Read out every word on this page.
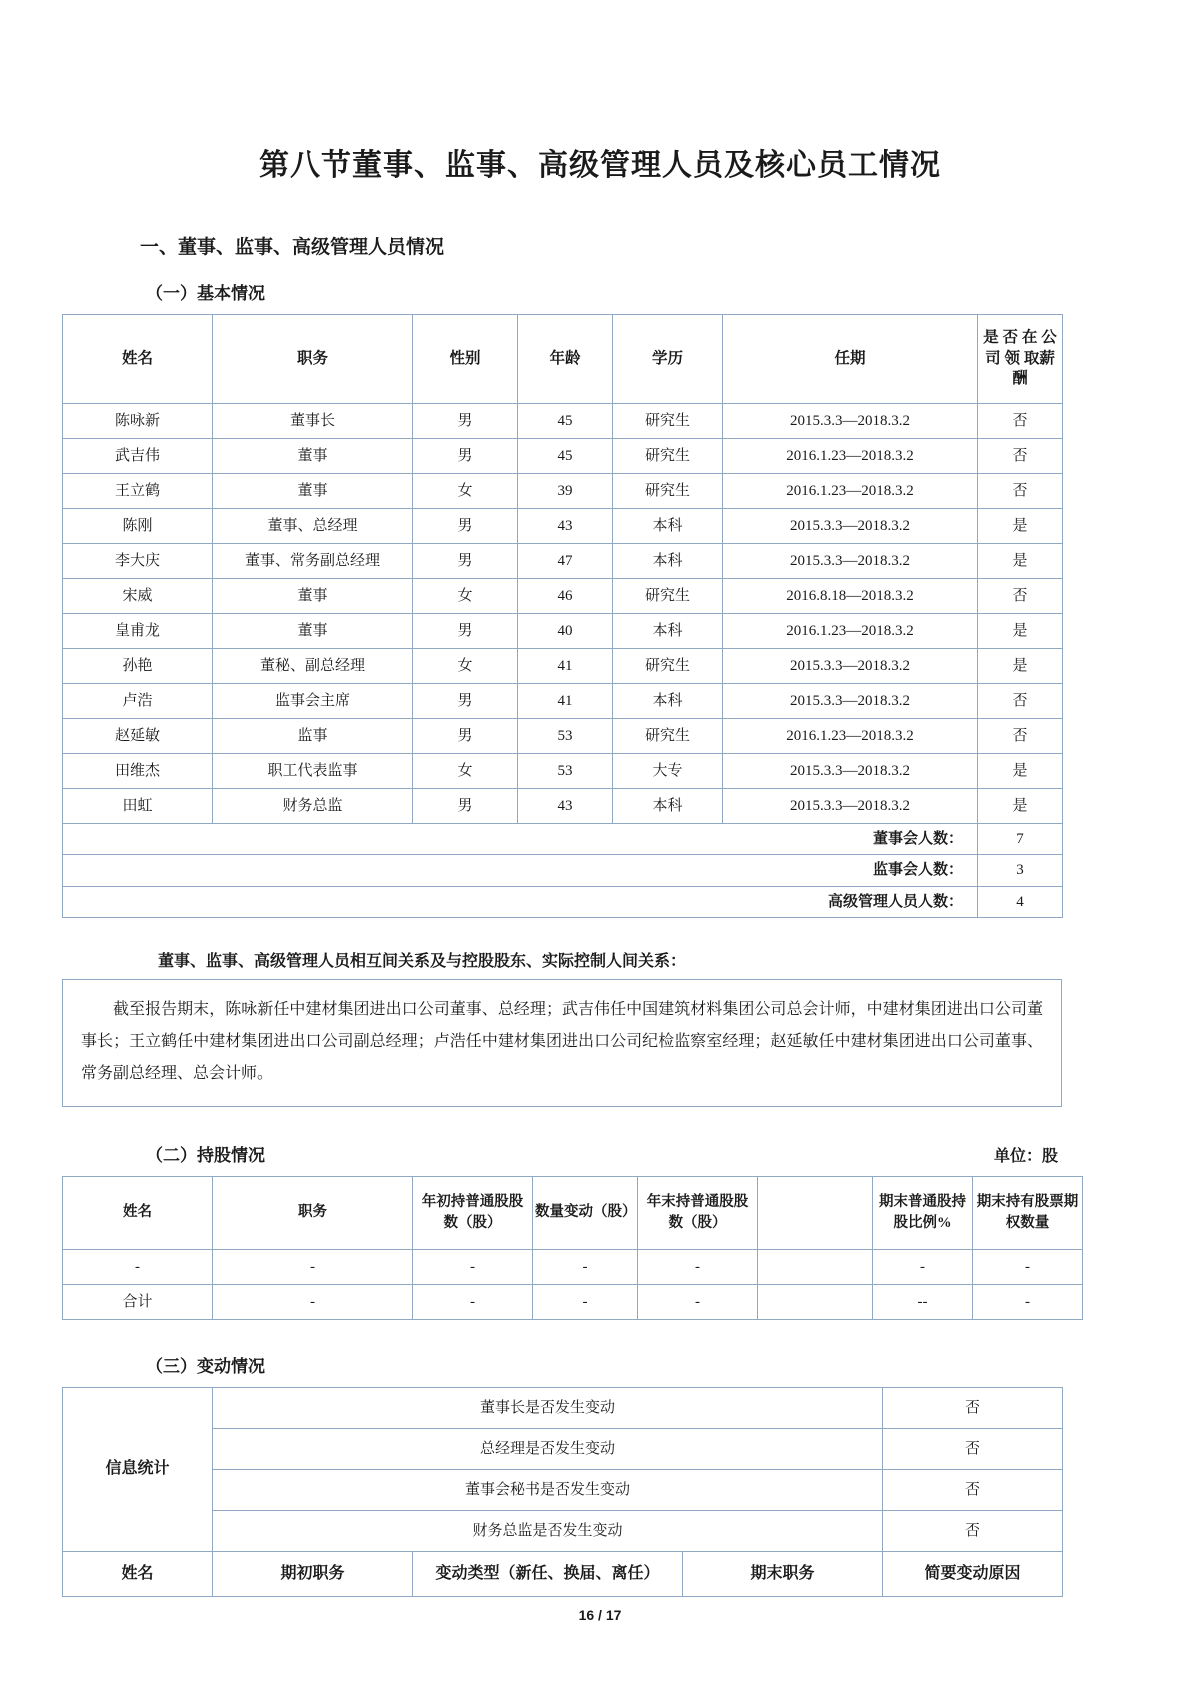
第八节董事、监事、高级管理人员及核心员工情况
一、董事、监事、高级管理人员情况
（一）基本情况
姓名	职务	性别	年龄	学历	任期	是 否 在 公司 领 取薪酬
陈咏新	董事长	男	45	研究生	2015.3.3—2018.3.2	否
武吉伟	董事	男	45	研究生	2016.1.23—2018.3.2	否
王立鹤	董事	女	39	研究生	2016.1.23—2018.3.2	否
陈刚	董事、总经理	男	43	本科	2015.3.3—2018.3.2	是
李大庆	董事、常务副总经理	男	47	本科	2015.3.3—2018.3.2	是
宋威	董事	女	46	研究生	2016.8.18—2018.3.2	否
皇甫龙	董事	男	40	本科	2016.1.23—2018.3.2	是
孙艳	董秘、副总经理	女	41	研究生	2015.3.3—2018.3.2	是
卢浩	监事会主席	男	41	本科	2015.3.3—2018.3.2	否
赵延敏	监事	男	53	研究生	2016.1.23—2018.3.2	否
田维杰	职工代表监事	女	53	大专	2015.3.3—2018.3.2	是
田虹	财务总监	男	43	本科	2015.3.3—2018.3.2	是
董事会人数：						7
监事会人数：						3
高级管理人员人数：						4
董事、监事、高级管理人员相互间关系及与控股股东、实际控制人间关系：

截至报告期末，陈咏新任中建材集团进出口公司董事、总经理；武吉伟任中国建筑材料集团公司总会计师，中建材集团进出口公司董事长；王立鹤任中建材集团进出口公司副总经理；卢浩任中建材集团进出口公司纪检监察室经理；赵延敏任中建材集团进出口公司董事、常务副总经理、总会计师。

（二）持股情况	单位：股
姓名	职务	年初持普通股股数（股）	数量变动（股）	年末持普通股股数（股）		期末普通股持股比例%	期末持有股票期权数量
-	-	-	-	-		-	-
合计	-	-	-	-		--	-
（三）变动情况
信息统计	董事长是否发生变动			否
	总经理是否发生变动			否
	董事会秘书是否发生变动			否
	财务总监是否发生变动			否
姓名	期初职务	变动类型（新任、换届、离任）	期末职务	简要变动原因
16 / 17
